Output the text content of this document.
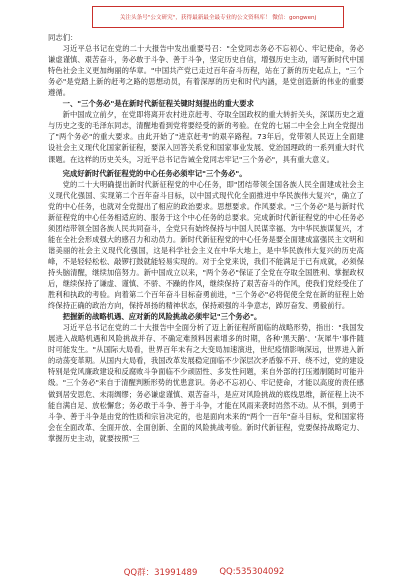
关注头条号"公文研究"，获得最新最全最专业的公文资料库！ 微信：gongwenj

同志们：

习近平总书记在党的二十大报告中发出重要号召："全党同志务必不忘初心、牢记使命，务必谦虚谨慎、艰苦奋斗，务必敢于斗争、善于斗争，坚定历史自信，增强历史主动，谱写新时代中国特色社会主义更加绚丽的华章。"中国共产党已走过百年奋斗历程，站在了新的历史起点上，"三个务必"是党踏上新的赶考之路的思想动员，有着深厚的历史和时代内涵，是党创造新的伟业的重要遵循。

一、"三个务必"是在新时代新征程关键时刻提出的重大要求

新中国成立前夕，在党即将离开农村进京赶考、夺取全国政权的重大转折关头，深谋历史之道与历史之变的毛泽东同志，清醒地看到党将要经受的新的考验。在党的七届二中全会上向全党提出了"两个务必"的重大要求。由此开始了"进京赶考"的艰辛路程。73年后，党带领人民迈上全面建设社会主义现代化国家新征程，要深入回答关系党和国家事业发展、党治国理政的一系列重大时代课题。在这样的历史关头，习近平总书记告诫全党同志牢记"三个务必"，具有重大意义。

完成好新时代新征程党的中心任务必须牢记"三个务必"。

党的二十大明确提出新时代新征程党的中心任务，即"团结带领全国各族人民全面建成社会主义现代化强国、实现第二个百年奋斗目标，以中国式现代化全面推进中华民族伟大复兴"，确立了党的中心任务，也就对全党提出了相应的政治要求。思想要求。作风要求。"三个务必"是与新时代新征程党的中心任务相适应的、服务于这个中心任务的总要求。完成新时代新征程党的中心任务必须团结带领全国各族人民共同奋斗，全党只有始终保持与中国人民谋幸福、为中华民族谋复兴，才能在全社会形成强大的感召力和动员力。新时代新征程党的中心任务是要全面建成富强民主文明和谐美丽的社会主义现代化强国，这是科学社会主义在中华大地上，是中华民族伟大复兴的历史高峰，不是轻轻松松、敲锣打鼓就能轻易实现的。对于全党来说，我们不能满足于已有成就，必须保持头脑清醒，继续加倍努力。新中国成立以来，"两个务必"保证了全党在夺取全国胜利、掌握政权后，继续保持了谦虚、谨慎、不骄、不躁的作风，继续保持了艰苦奋斗的作风，使我们党经受住了胜利和执政的考验。向着第二个百年奋斗目标奋勇前进，"三个务必"必将促使全党在新的征程上始终保持正确的政治方向，保持昂扬的精神状态，保持顽强的斗争意志，踔厉奋发、勇毅前行。

把握新的战略机遇、应对新的风险挑战必须牢记"三个务必"。

习近平总书记在党的二十大报告中全面分析了迈上新征程所面临的战略形势，指出："我国发展进入战略机遇和风险挑战并存、不确定难预料因素增多的时期，各种'黑天鹅'、'灰犀牛'事件随时可能发生。"从国际大局看，世界百年未有之大变局加速演进，世纪疫情影响深远，世界进入新的动荡变革期。从国内大局看，我国改革发展稳定面临不少深层次矛盾躲不开、绕不过，党的建设特别是党风廉政建设和反腐败斗争面临不少顽固性、多发性问题，来自外部的打压遏制随时可能升级。"三个务必"来自于清醒判断形势的忧患意识。务必不忘初心、牢记使命，才能以高度的责任感做到居安思危、未雨绸缪；务必谦虚谨慎、艰苦奋斗，是应对风险挑战的底线思维，新征程上决不能自满自足、放松懈怠；务必敢于斗争、善于斗争，才能在风雨来袭时岿然不动。从不惧，到勇于斗争、善于斗争是由党的性质和宗旨决定的，也是面向未来的"两个一百年"奋斗目标，党和国家将会在全面改革、全面开放、全面创新、全面的风险挑战考验。新时代新征程，党要保持战略定力、掌握历史主动，就要按照"三

QQ群：31991489	QQ:535304092
